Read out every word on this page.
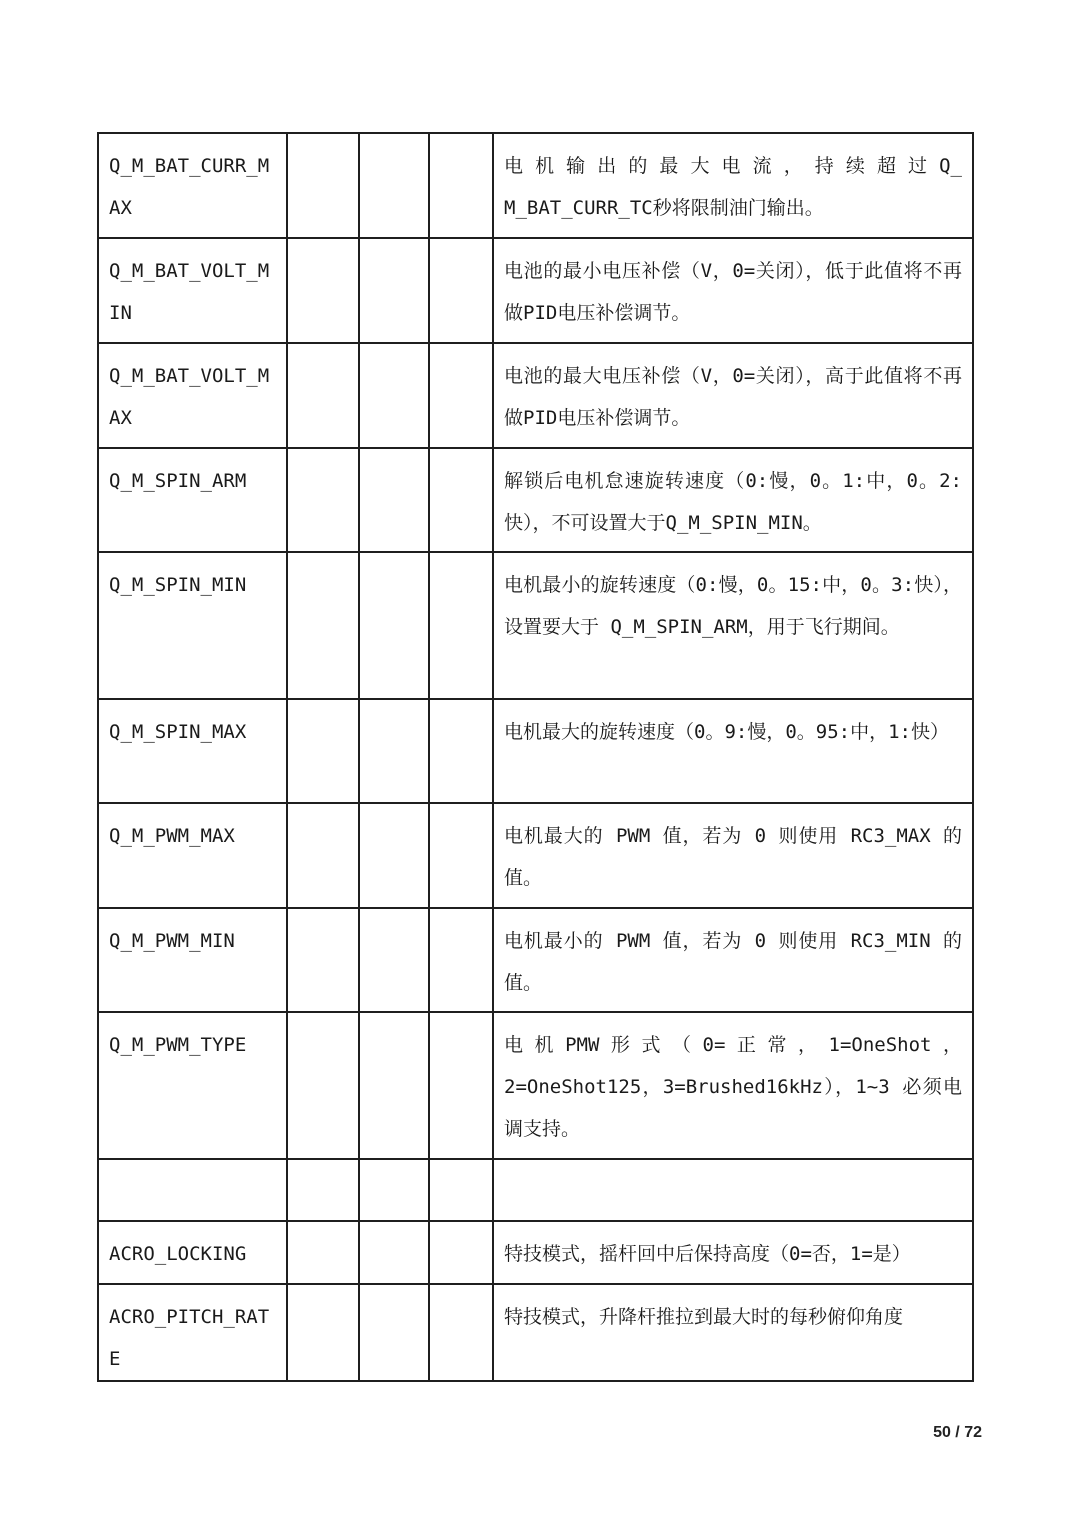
Q_M_BAT_CURR_MAX				电 机 输 出 的 最 大 电 流 ， 持 续 超 过 Q_M_BAT_CURR_TC秒将限制油门输出。
Q_M_BAT_VOLT_MIN				电池的最小电压补偿（V，0=关闭），低于此值将不再做PID电压补偿调节。
Q_M_BAT_VOLT_MAX				电池的最大电压补偿（V，0=关闭），高于此值将不再做PID电压补偿调节。
Q_M_SPIN_ARM				解锁后电机怠速旋转速度（0:慢，0。1:中，0。2:快），不可设置大于Q_M_SPIN_MIN。
Q_M_SPIN_MIN				电机最小的旋转速度（0:慢，0。15:中，0。3:快），设置要大于 Q_M_SPIN_ARM，用于飞行期间。
Q_M_SPIN_MAX				电机最大的旋转速度（0。9:慢，0。95:中，1:快）
Q_M_PWM_MAX				电机最大的 PWM 值，若为 0 则使用 RC3_MAX 的值。
Q_M_PWM_MIN				电机最小的 PWM 值，若为 0 则使用 RC3_MIN 的值。
Q_M_PWM_TYPE				电 机 PMW 形 式 （ 0= 正 常 ， 1=OneShot ，2=OneShot125，3=Brushed16kHz），1~3 必须电调支持。

ACRO_LOCKING				特技模式，摇杆回中后保持高度（0=否，1=是）
ACRO_PITCH_RATE				特技模式，升降杆推拉到最大时的每秒俯仰角度
50 / 72
